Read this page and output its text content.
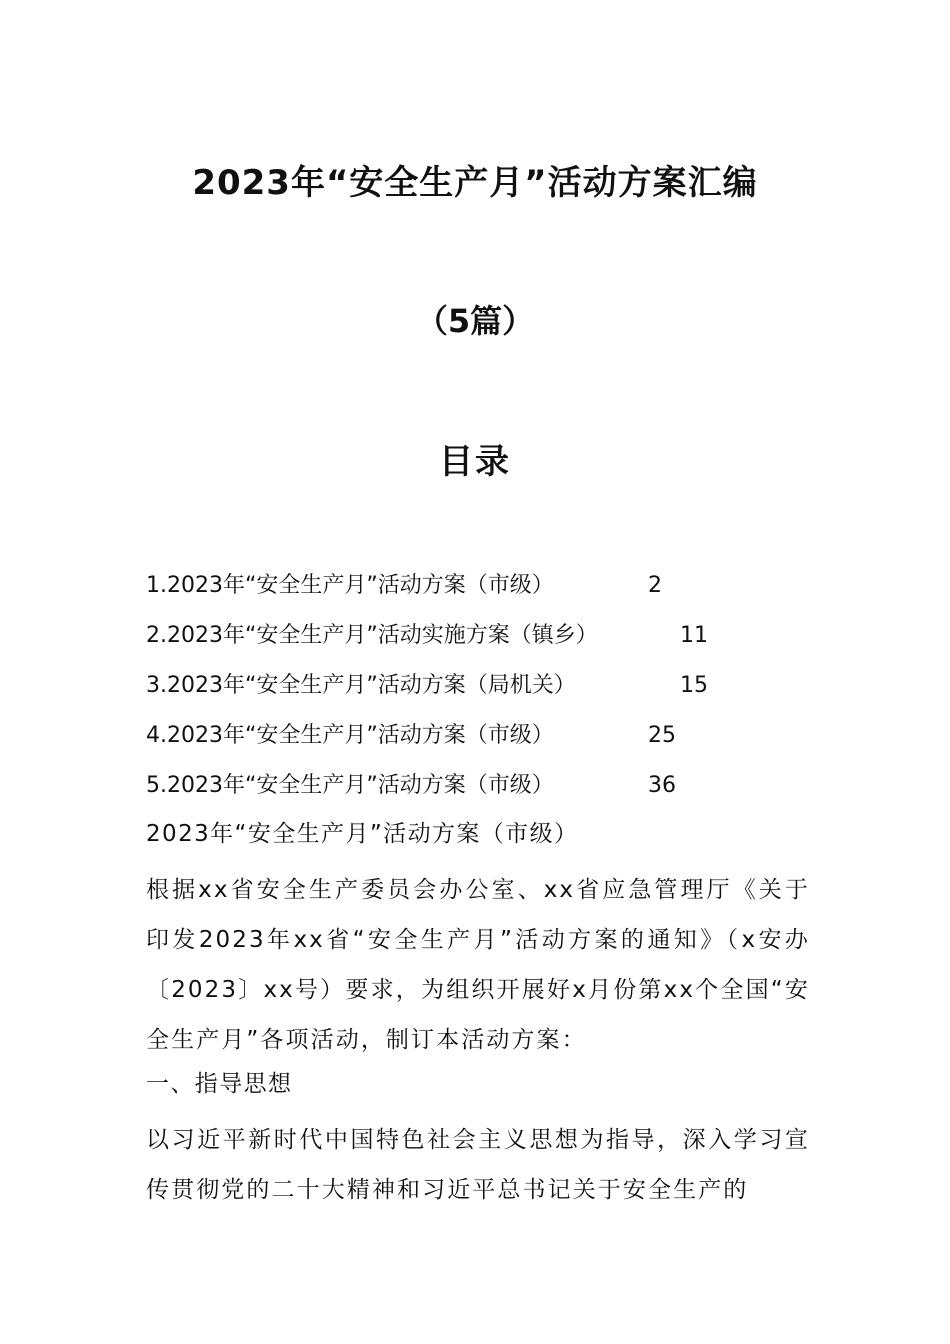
2023年“安全生产月”活动方案汇编
（5篇）
目录
1.2023年“安全生产月”活动方案（市级）	2
2.2023年“安全生产月”活动实施方案（镇乡）	11
3.2023年“安全生产月”活动方案（局机关）	15
4.2023年“安全生产月”活动方案（市级）	25
5.2023年“安全生产月”活动方案（市级）	36
2023年“安全生产月”活动方案（市级）
根据xx省安全生产委员会办公室、xx省应急管理厅《关于印发2023年xx省“安全生产月”活动方案的通知》（x安办〔2023〕xx号）要求，为组织开展好x月份第xx个全国“安全生产月”各项活动，制订本活动方案：
一、指导思想
以习近平新时代中国特色社会主义思想为指导，深入学习宣传贯彻党的二十大精神和习近平总书记关于安全生产的
